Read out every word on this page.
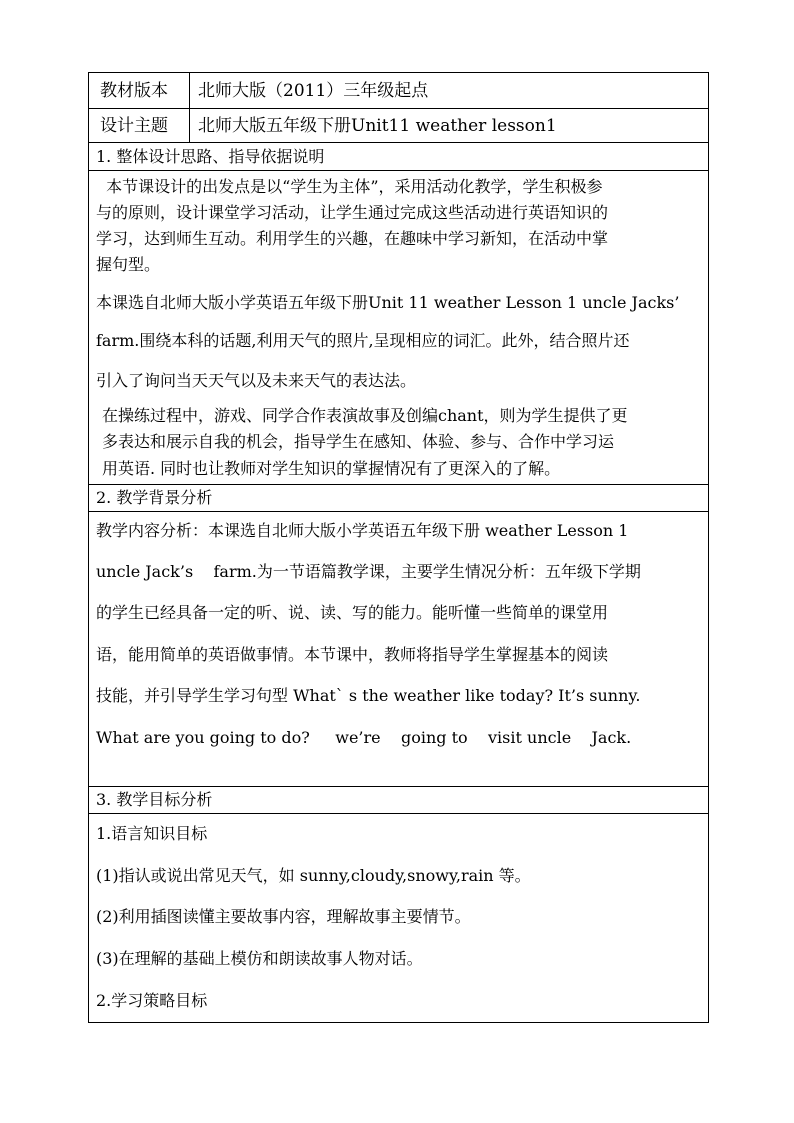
教材版本 北师大版（2011）三年级起点
设计主题 北师大版五年级下册Unit11 weather lesson1
1. 整体设计思路、指导依据说明
本节课设计的出发点是以“学生为主体”，采用活动化教学，学生积极参
与的原则，设计课堂学习活动，让学生通过完成这些活动进行英语知识的
学习，达到师生互动。利用学生的兴趣，在趣味中学习新知，在活动中掌
握句型。
本课选自北师大版小学英语五年级下册Unit 11 weather Lesson 1 uncle Jacks’
farm.围绕本科的话题,利用天气的照片,呈现相应的词汇。此外，结合照片还
引入了询问当天天气以及未来天气的表达法。
在操练过程中，游戏、同学合作表演故事及创编chant，则为学生提供了更
多表达和展示自我的机会，指导学生在感知、体验、参与、合作中学习运
用英语. 同时也让教师对学生知识的掌握情况有了更深入的了解。
2. 教学背景分析
教学内容分析：本课选自北师大版小学英语五年级下册 weather Lesson 1
uncle Jack’s    farm.为一节语篇教学课，主要学生情况分析：五年级下学期
的学生已经具备一定的听、说、读、写的能力。能听懂一些简单的课堂用
语，能用简单的英语做事情。本节课中，教师将指导学生掌握基本的阅读
技能，并引导学生学习句型 What` s the weather like today? It’s sunny.
What are you going to do?     we’re    going to    visit uncle    Jack.
3. 教学目标分析
1.语言知识目标
(1)指认或说出常见天气，如 sunny,cloudy,snowy,rain 等。
(2)利用插图读懂主要故事内容，理解故事主要情节。
(3)在理解的基础上模仿和朗读故事人物对话。
2.学习策略目标
